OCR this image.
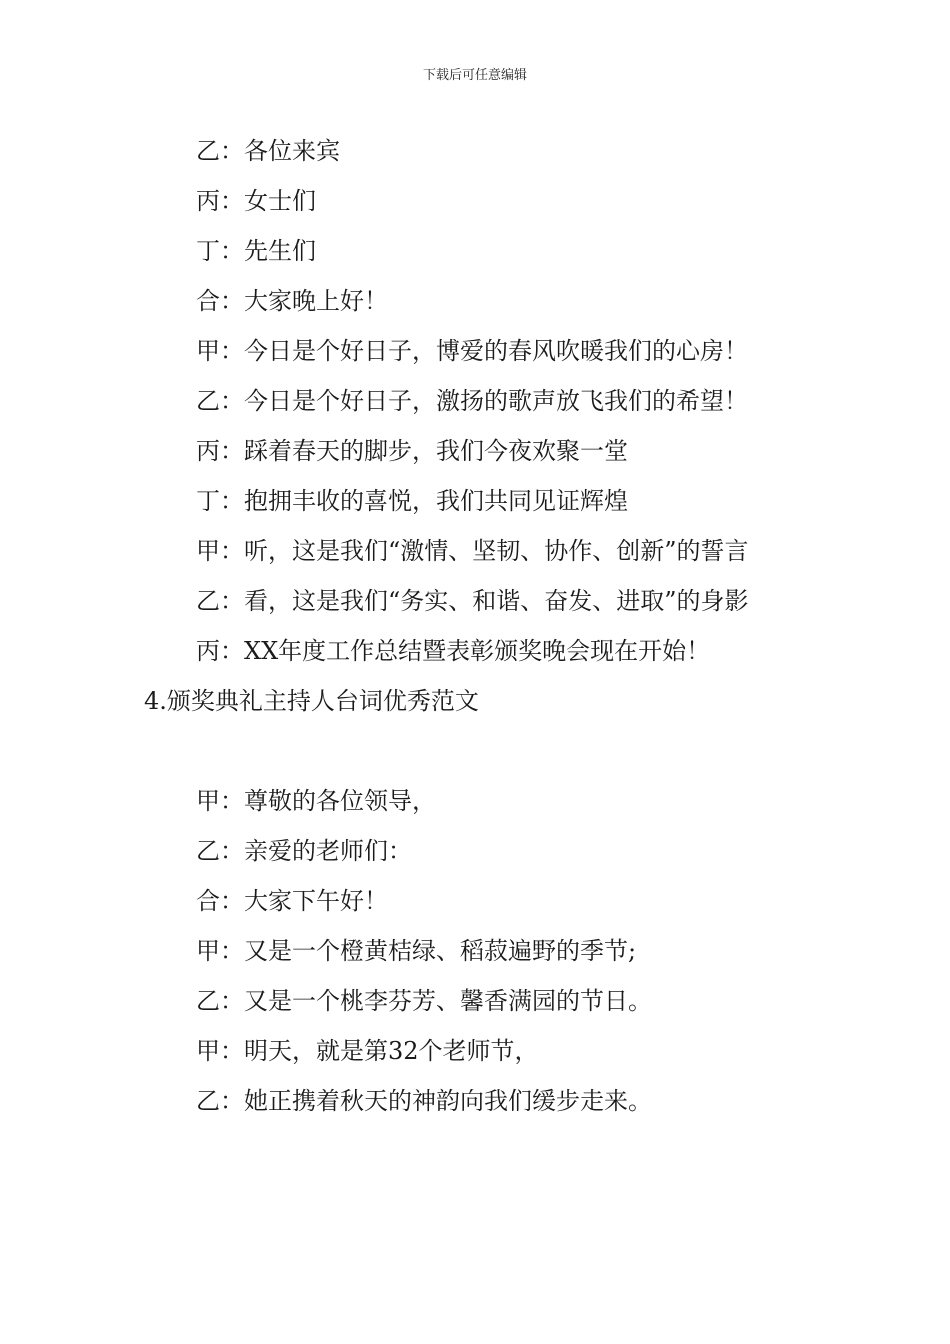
下载后可任意编辑
乙：各位来宾
丙：女士们
丁：先生们
合：大家晚上好！
甲：今日是个好日子，博爱的春风吹暖我们的心房！
乙：今日是个好日子，激扬的歌声放飞我们的希望！
丙：踩着春天的脚步，我们今夜欢聚一堂
丁：抱拥丰收的喜悦，我们共同见证辉煌
甲：听，这是我们“激情、坚韧、协作、创新”的誓言
乙：看，这是我们“务实、和谐、奋发、进取”的身影
丙：XX年度工作总结暨表彰颁奖晚会现在开始！
4.颁奖典礼主持人台词优秀范文
甲：尊敬的各位领导，
乙：亲爱的老师们：
合：大家下午好！
甲：又是一个橙黄桔绿、稻菽遍野的季节;
乙：又是一个桃李芬芳、馨香满园的节日。
甲：明天，就是第32个老师节，
乙：她正携着秋天的神韵向我们缓步走来。
